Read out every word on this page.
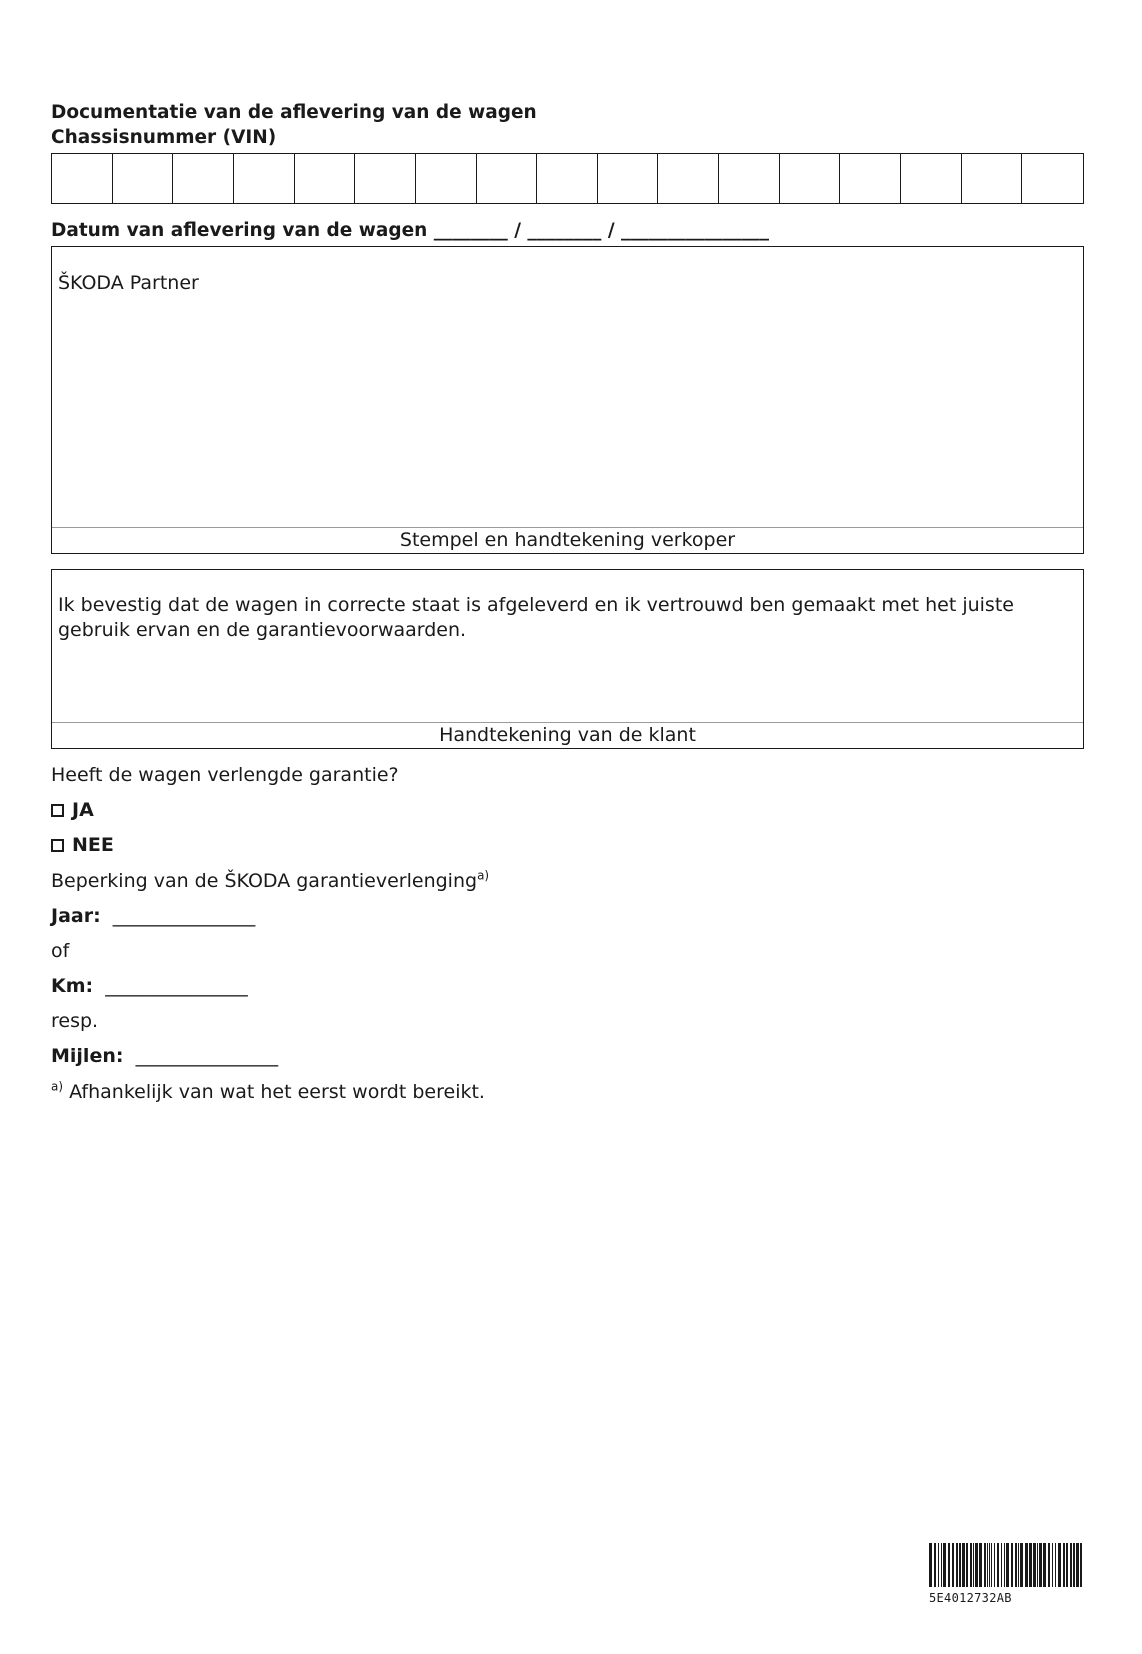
Documentatie van de aflevering van de wagen
Chassisnummer (VIN)
Datum van aflevering van de wagen ________ / ________ / ________________
ŠKODA Partner
Stempel en handtekening verkoper
Ik bevestig dat de wagen in correcte staat is afgeleverd en ik vertrouwd ben gemaakt met het juiste gebruik ervan en de garantievoorwaarden.
Handtekening van de klant
Heeft de wagen verlengde garantie?
JA
NEE
Beperking van de ŠKODA garantieverlenging$^{a)}$
Jaar: _______________
of
Km: _______________
resp.
Mijlen: _______________
$^{a)}$ Afhankelijk van wat het eerst wordt bereikt.
5E4012732AB
